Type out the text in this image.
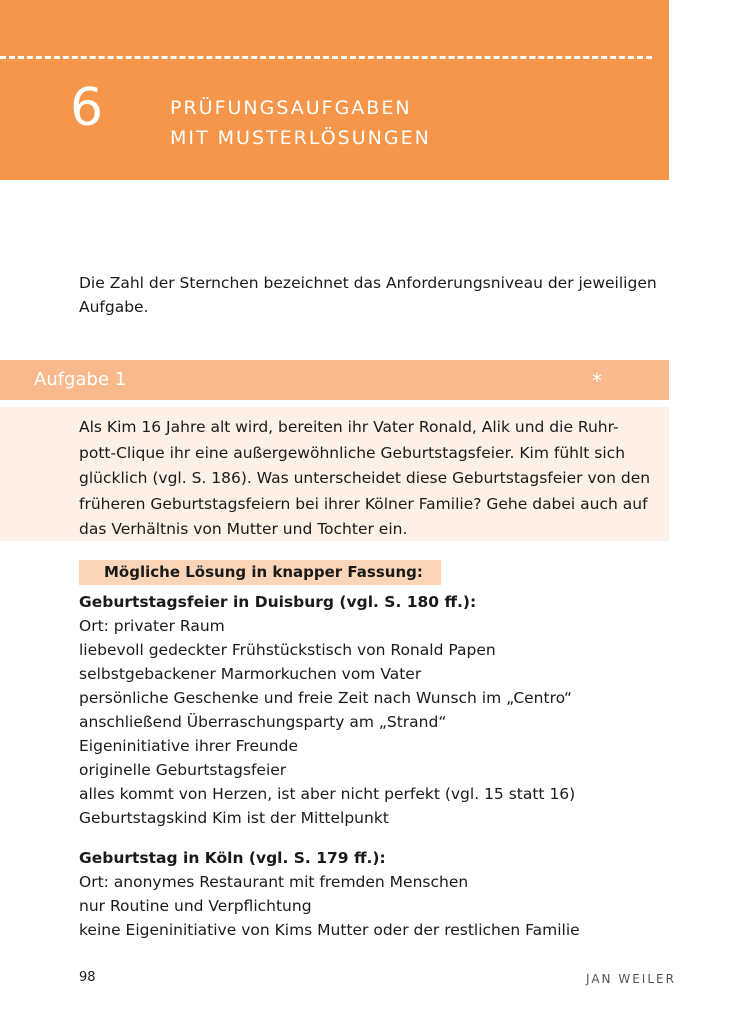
6	PRÜFUNGSAUFGABEN
MIT MUSTERLÖSUNGEN
Die Zahl der Sternchen bezeichnet das Anforderungsniveau der jeweiligen Aufgabe.
Aufgabe 1	*
Als Kim 16 Jahre alt wird, bereiten ihr Vater Ronald, Alik und die Ruhr-
pott-Clique ihr eine außergewöhnliche Geburtstagsfeier. Kim fühlt sich
glücklich (vgl. S. 186). Was unterscheidet diese Geburtstagsfeier von den
früheren Geburtstagsfeiern bei ihrer Kölner Familie? Gehe dabei auch auf
das Verhältnis von Mutter und Tochter ein.
Mögliche Lösung in knapper Fassung:
Geburtstagsfeier in Duisburg (vgl. S. 180 ff.):
Ort: privater Raum
liebevoll gedeckter Frühstückstisch von Ronald Papen
selbstgebackener Marmorkuchen vom Vater
persönliche Geschenke und freie Zeit nach Wunsch im „Centro“
anschließend Überraschungsparty am „Strand“
Eigeninitiative ihrer Freunde
originelle Geburtstagsfeier
alles kommt von Herzen, ist aber nicht perfekt (vgl. 15 statt 16)
Geburtstagskind Kim ist der Mittelpunkt
Geburtstag in Köln (vgl. S. 179 ff.):
Ort: anonymes Restaurant mit fremden Menschen
nur Routine und Verpflichtung
keine Eigeninitiative von Kims Mutter oder der restlichen Familie
98	JAN WEILER
